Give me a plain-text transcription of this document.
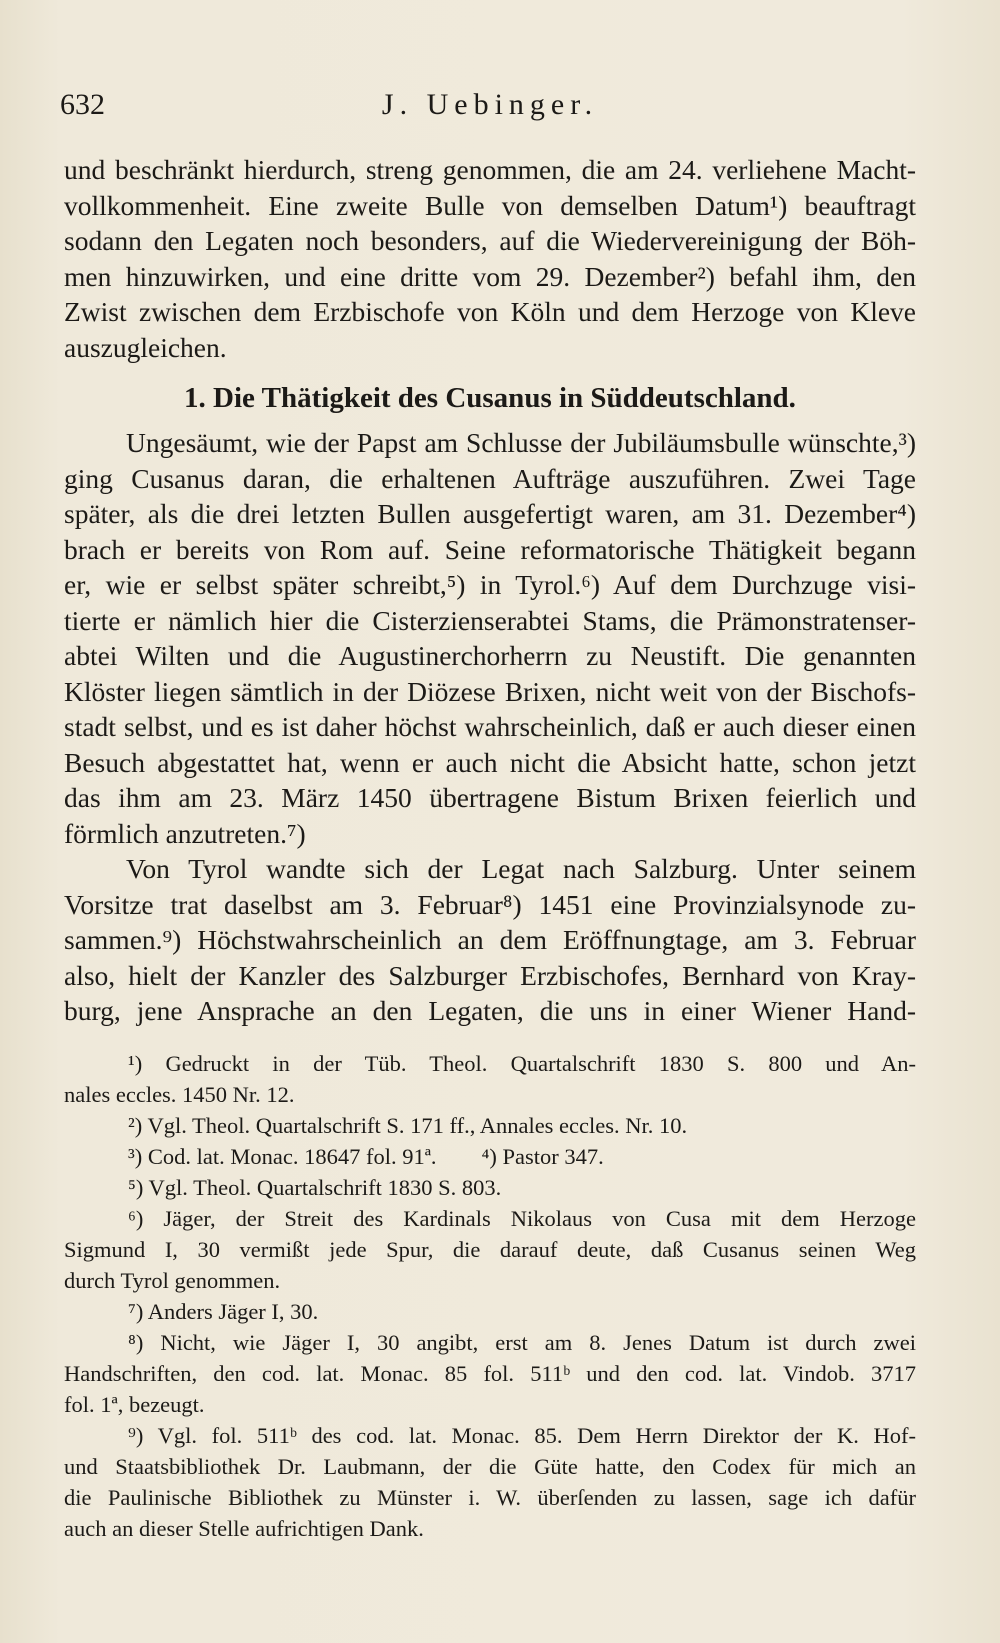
632	J. Uebinger.
und beschränkt hierdurch, streng genommen, die am 24. verliehene Macht-
vollkommenheit. Eine zweite Bulle von demselben Datum¹) beauftragt
sodann den Legaten noch besonders, auf die Wiedervereinigung der Böh-
men hinzuwirken, und eine dritte vom 29. Dezember²) befahl ihm, den
Zwist zwischen dem Erzbischofe von Köln und dem Herzoge von Kleve
auszugleichen.
1. Die Thätigkeit des Cusanus in Süddeutschland.
Ungesäumt, wie der Papst am Schlusse der Jubiläumsbulle wünschte,³)
ging Cusanus daran, die erhaltenen Aufträge auszuführen. Zwei Tage
später, als die drei letzten Bullen ausgefertigt waren, am 31. Dezember⁴)
brach er bereits von Rom auf. Seine reformatorische Thätigkeit begann
er, wie er selbst später schreibt,⁵) in Tyrol.⁶) Auf dem Durchzuge visi-
tierte er nämlich hier die Cisterzienserabtei Stams, die Prämonstratenser-
abtei Wilten und die Augustinerchorherrn zu Neustift. Die genannten
Klöster liegen sämtlich in der Diözese Brixen, nicht weit von der Bischofs-
stadt selbst, und es ist daher höchst wahrscheinlich, daß er auch dieser einen
Besuch abgestattet hat, wenn er auch nicht die Absicht hatte, schon jetzt
das ihm am 23. März 1450 übertragene Bistum Brixen feierlich und
förmlich anzutreten.⁷)
Von Tyrol wandte sich der Legat nach Salzburg. Unter seinem
Vorsitze trat daselbst am 3. Februar⁸) 1451 eine Provinzialsynode zu-
sammen.⁹) Höchstwahrscheinlich an dem Eröffnungtage, am 3. Februar
also, hielt der Kanzler des Salzburger Erzbischofes, Bernhard von Kray-
burg, jene Ansprache an den Legaten, die uns in einer Wiener Hand-
¹) Gedruckt in der Tüb. Theol. Quartalschrift 1830 S. 800 und An-
nales eccles. 1450 Nr. 12.
²) Vgl. Theol. Quartalschrift S. 171 ff., Annales eccles. Nr. 10.
³) Cod. lat. Monac. 18647 fol. 91ª.        ⁴) Pastor 347.
⁵) Vgl. Theol. Quartalschrift 1830 S. 803.
⁶) Jäger, der Streit des Kardinals Nikolaus von Cusa mit dem Herzoge
Sigmund I, 30 vermißt jede Spur, die darauf deute, daß Cusanus seinen Weg
durch Tyrol genommen.
⁷) Anders Jäger I, 30.
⁸) Nicht, wie Jäger I, 30 angibt, erst am 8. Jenes Datum ist durch zwei
Handschriften, den cod. lat. Monac. 85 fol. 511ᵇ und den cod. lat. Vindob. 3717
fol. 1ª, bezeugt.
⁹) Vgl. fol. 511ᵇ des cod. lat. Monac. 85. Dem Herrn Direktor der K. Hof-
und Staatsbibliothek Dr. Laubmann, der die Güte hatte, den Codex für mich an
die Paulinische Bibliothek zu Münster i. W. überſenden zu lassen, sage ich dafür
auch an dieser Stelle aufrichtigen Dank.
